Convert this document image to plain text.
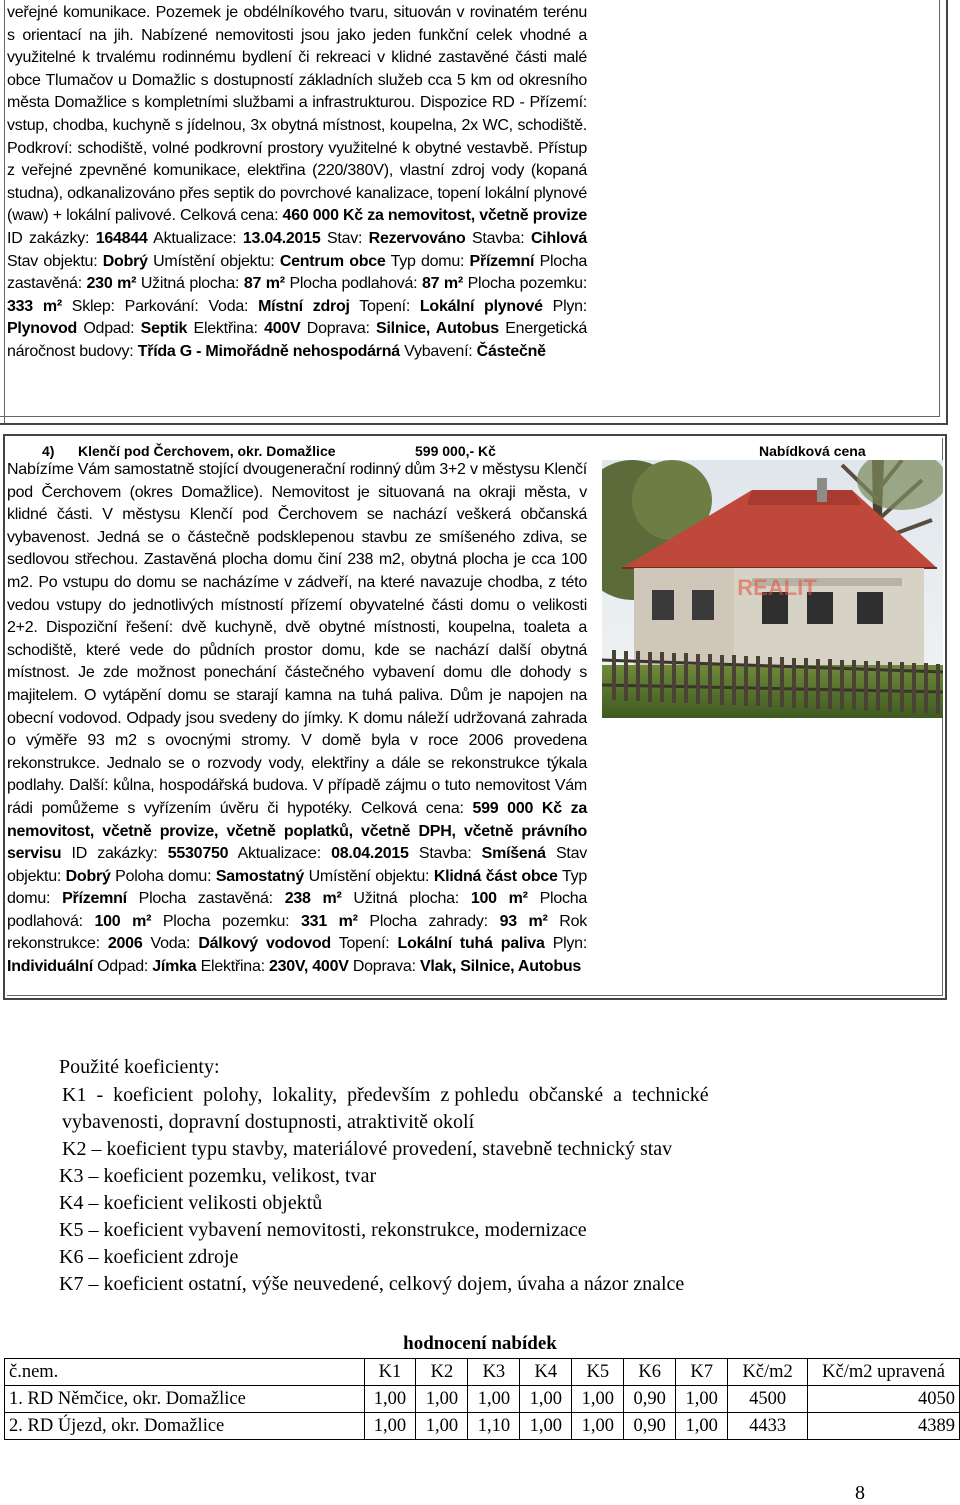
veřejné komunikace. Pozemek je obdélníkového tvaru, situován v rovinatém terénu s orientací na jih. Nabízené nemovitosti jsou jako jeden funkční celek vhodné a využitelné k trvalému rodinnému bydlení či rekreaci v klidné zastavěné části malé obce Tlumačov u Domažlic s dostupností základních služeb cca 5 km od okresního města Domažlice s kompletními službami a infrastrukturou. Dispozice RD - Přízemí: vstup, chodba, kuchyně s jídelnou, 3x obytná místnost, koupelna, 2x WC, schodiště. Podkroví: schodiště, volné podkrovní prostory využitelné k obytné vestavbě. Přístup z veřejné zpevněné komunikace, elektřina (220/380V), vlastní zdroj vody (kopaná studna), odkanalizováno přes septik do povrchové kanalizace, topení lokální plynové (waw) + lokální palivové. Celková cena: 460 000 Kč za nemovitost, včetně provize ID zakázky: 164844 Aktualizace: 13.04.2015 Stav: Rezervováno Stavba: Cihlová Stav objektu: Dobrý Umístění objektu: Centrum obce Typ domu: Přízemní Plocha zastavěná: 230 m² Užitná plocha: 87 m² Plocha podlahová: 87 m² Plocha pozemku: 333 m² Sklep: Parkování: Voda: Místní zdroj Topení: Lokální plynové Plyn: Plynovod Odpad: Septik Elektřina: 400V Doprava: Silnice, Autobus Energetická náročnost budovy: Třída G - Mimořádně nehospodárná Vybavení: Částečně
4) Klenčí pod Čerchovem, okr. Domažlice	599 000,- Kč	Nabídková cena
Nabízíme Vám samostatně stojící dvougenerační rodinný dům 3+2 v městysu Klenčí pod Čerchovem (okres Domažlice). Nemovitost je situovaná na okraji města, v klidné části. V městysu Klenčí pod Čerchovem se nachází veškerá občanská vybavenost. Jedná se o částečně podsklepenou stavbu ze smíšeného zdiva, se sedlovou střechou. Zastavěná plocha domu činí 238 m2, obytná plocha je cca 100 m2. Po vstupu do domu se nacházíme v zádveří, na které navazuje chodba, z této vedou vstupy do jednotlivých místností přízemí obyvatelné části domu o velikosti 2+2. Dispoziční řešení: dvě kuchyně, dvě obytné místnosti, koupelna, toaleta a schodiště, které vede do půdních prostor domu, kde se nachází další obytná místnost. Je zde možnost ponechání částečného vybavení domu dle dohody s majitelem. O vytápění domu se starají kamna na tuhá paliva. Dům je napojen na obecní vodovod. Odpady jsou svedeny do jímky. K domu náleží udržovaná zahrada o výměře 93 m2 s ovocnými stromy. V domě byla v roce 2006 provedena rekonstrukce. Jednalo se o rozvody vody, elektřiny a dále se rekonstrukce týkala podlahy. Další: kůlna, hospodářská budova. V případě zájmu o tuto nemovitost Vám rádi pomůžeme s vyřízením úvěru či hypotéky. Celková cena: 599 000 Kč za nemovitost, včetně provize, včetně poplatků, včetně DPH, včetně právního servisu ID zakázky: 5530750 Aktualizace: 08.04.2015 Stavba: Smíšená Stav objektu: Dobrý Poloha domu: Samostatný Umístění objektu: Klidná část obce Typ domu: Přízemní Plocha zastavěná: 238 m² Užitná plocha: 100 m² Plocha podlahová: 100 m² Plocha pozemku: 331 m² Plocha zahrady: 93 m² Rok rekonstrukce: 2006 Voda: Dálkový vodovod Topení: Lokální tuhá paliva Plyn: Individuální Odpad: Jímka Elektřina: 230V, 400V Doprava: Vlak, Silnice, Autobus
REALIT
Použité koeficienty:
K1  -  koeficient  polohy,  lokality,  především  z pohledu  občanské  a  technické
vybavenosti, dopravní dostupnosti, atraktivitě okolí
K2 – koeficient typu stavby, materiálové provedení, stavebně technický stav
K3 – koeficient pozemku, velikost, tvar
K4 – koeficient velikosti objektů
K5 – koeficient vybavení nemovitosti, rekonstrukce, modernizace
K6 – koeficient zdroje
K7 – koeficient ostatní, výše neuvedené, celkový dojem, úvaha a názor znalce
hodnocení nabídek
č.nem.	K1	K2	K3	K4	K5	K6	K7	Kč/m2	Kč/m2 upravená
1. RD Němčice, okr. Domažlice	1,00	1,00	1,00	1,00	1,00	0,90	1,00	4500	4050
2. RD Újezd, okr. Domažlice	1,00	1,00	1,10	1,00	1,00	0,90	1,00	4433	4389
8
